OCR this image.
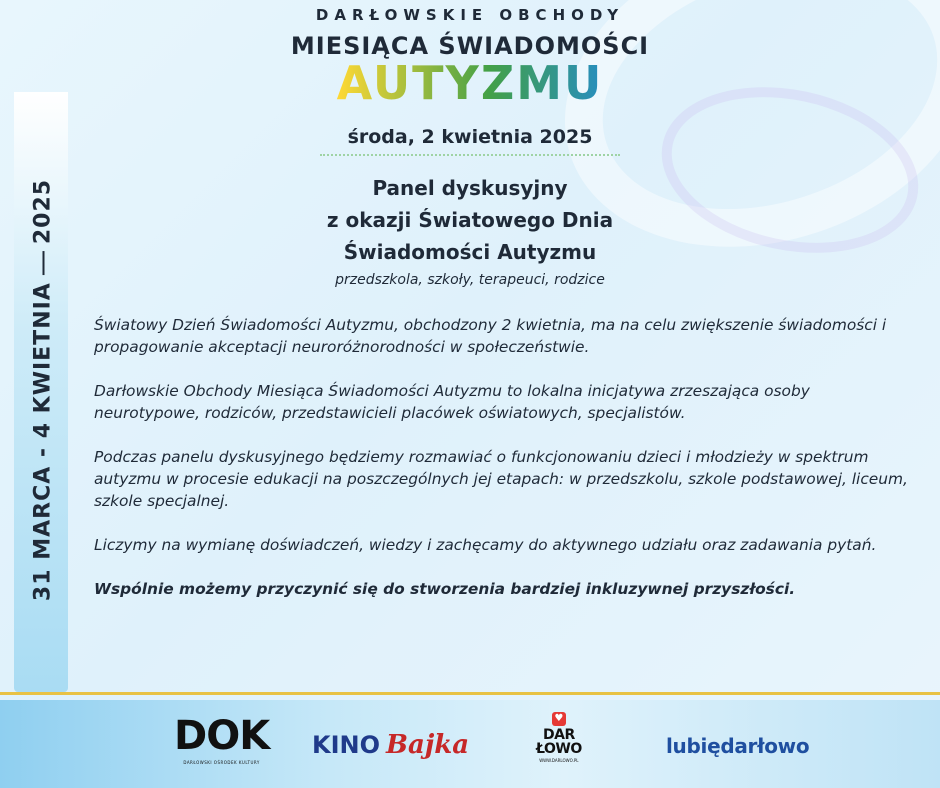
31 MARCA - 4 KWIETNIA
2025
DARŁOWSKIE OBCHODY
MIESIĄCA ŚWIADOMOŚCI
AUTYZMU
środa, 2 kwietnia 2025
Panel dyskusyjny
z okazji Światowego Dnia
Świadomości Autyzmu
przedszkola, szkoły, terapeuci, rodzice

Światowy Dzień Świadomości Autyzmu, obchodzony 2 kwietnia, ma na celu zwiększenie świadomości i propagowanie akceptacji neuroróżnorodności w społeczeństwie.

Darłowskie Obchody Miesiąca Świadomości Autyzmu to lokalna inicjatywa zrzeszająca osoby neurotypowe, rodziców, przedstawicieli placówek oświatowych, specjalistów.

Podczas panelu dyskusyjnego będziemy rozmawiać o funkcjonowaniu dzieci i młodzieży w spektrum autyzmu w procesie edukacji na poszczególnych jej etapach: w przedszkolu, szkole podstawowej, liceum, szkole specjalnej.

Liczymy na wymianę doświadczeń, wiedzy i zachęcamy do aktywnego udziału oraz zadawania pytań.

Wspólnie możemy przyczynić się do stworzenia bardziej inkluzywnej przyszłości.

DOK
DARŁOWSKI OŚRODEK KULTURY
KINO Bajka
♥
DAR
ŁOWO
WWW.DARLOWO.PL
lubiędarłowo
